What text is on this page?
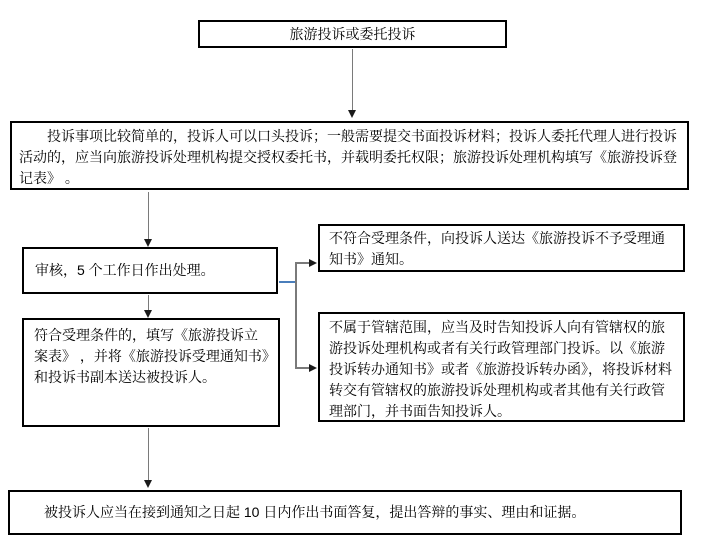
旅游投诉或委托投诉

投诉事项比较简单的，投诉人可以口头投诉；一般需要提交书面投诉材料；投诉人委托代理人进行投诉活动的，应当向旅游投诉处理机构提交授权委托书，并载明委托权限；旅游投诉处理机构填写《旅游投诉登记表》 。

审核，5 个工作日作出处理。

符合受理条件的，填写《旅游投诉立案表》 ，并将《旅游投诉受理通知书》和投诉书副本送达被投诉人。

不符合受理条件，向投诉人送达《旅游投诉不予受理通知书》通知。

不属于管辖范围，应当及时告知投诉人向有管辖权的旅游投诉处理机构或者有关行政管理部门投诉。以《旅游投诉转办通知书》或者《旅游投诉转办函》，将投诉材料转交有管辖权的旅游投诉处理机构或者其他有关行政管理部门，并书面告知投诉人。

被投诉人应当在接到通知之日起 10 日内作出书面答复，提出答辩的事实、理由和证据。
